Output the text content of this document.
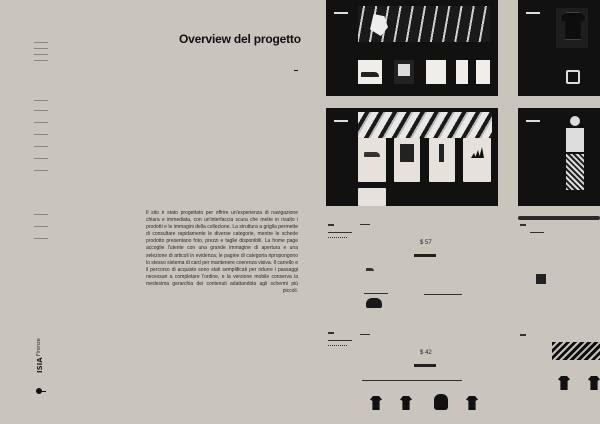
ISIA
Firenze
Overview del progetto
Il sito è stato progettato per offrire un'esperienza di navigazione chiara e immediata, con un'interfaccia scura che mette in risalto i prodotti e le immagini della collezione. La struttura a griglia permette di consultare rapidamente le diverse categorie, mentre le schede prodotto presentano foto, prezzi e taglie disponibili. La home page accoglie l'utente con una grande immagine di apertura e una selezione di articoli in evidenza; le pagine di categoria ripropongono lo stesso sistema di card per mantenere coerenza visiva. Il carrello e il percorso di acquisto sono stati semplificati per ridurre i passaggi necessari a completare l'ordine, e la versione mobile conserva la medesima gerarchia dei contenuti adattandola agli schermi più piccoli.
$ 57
$ 42
